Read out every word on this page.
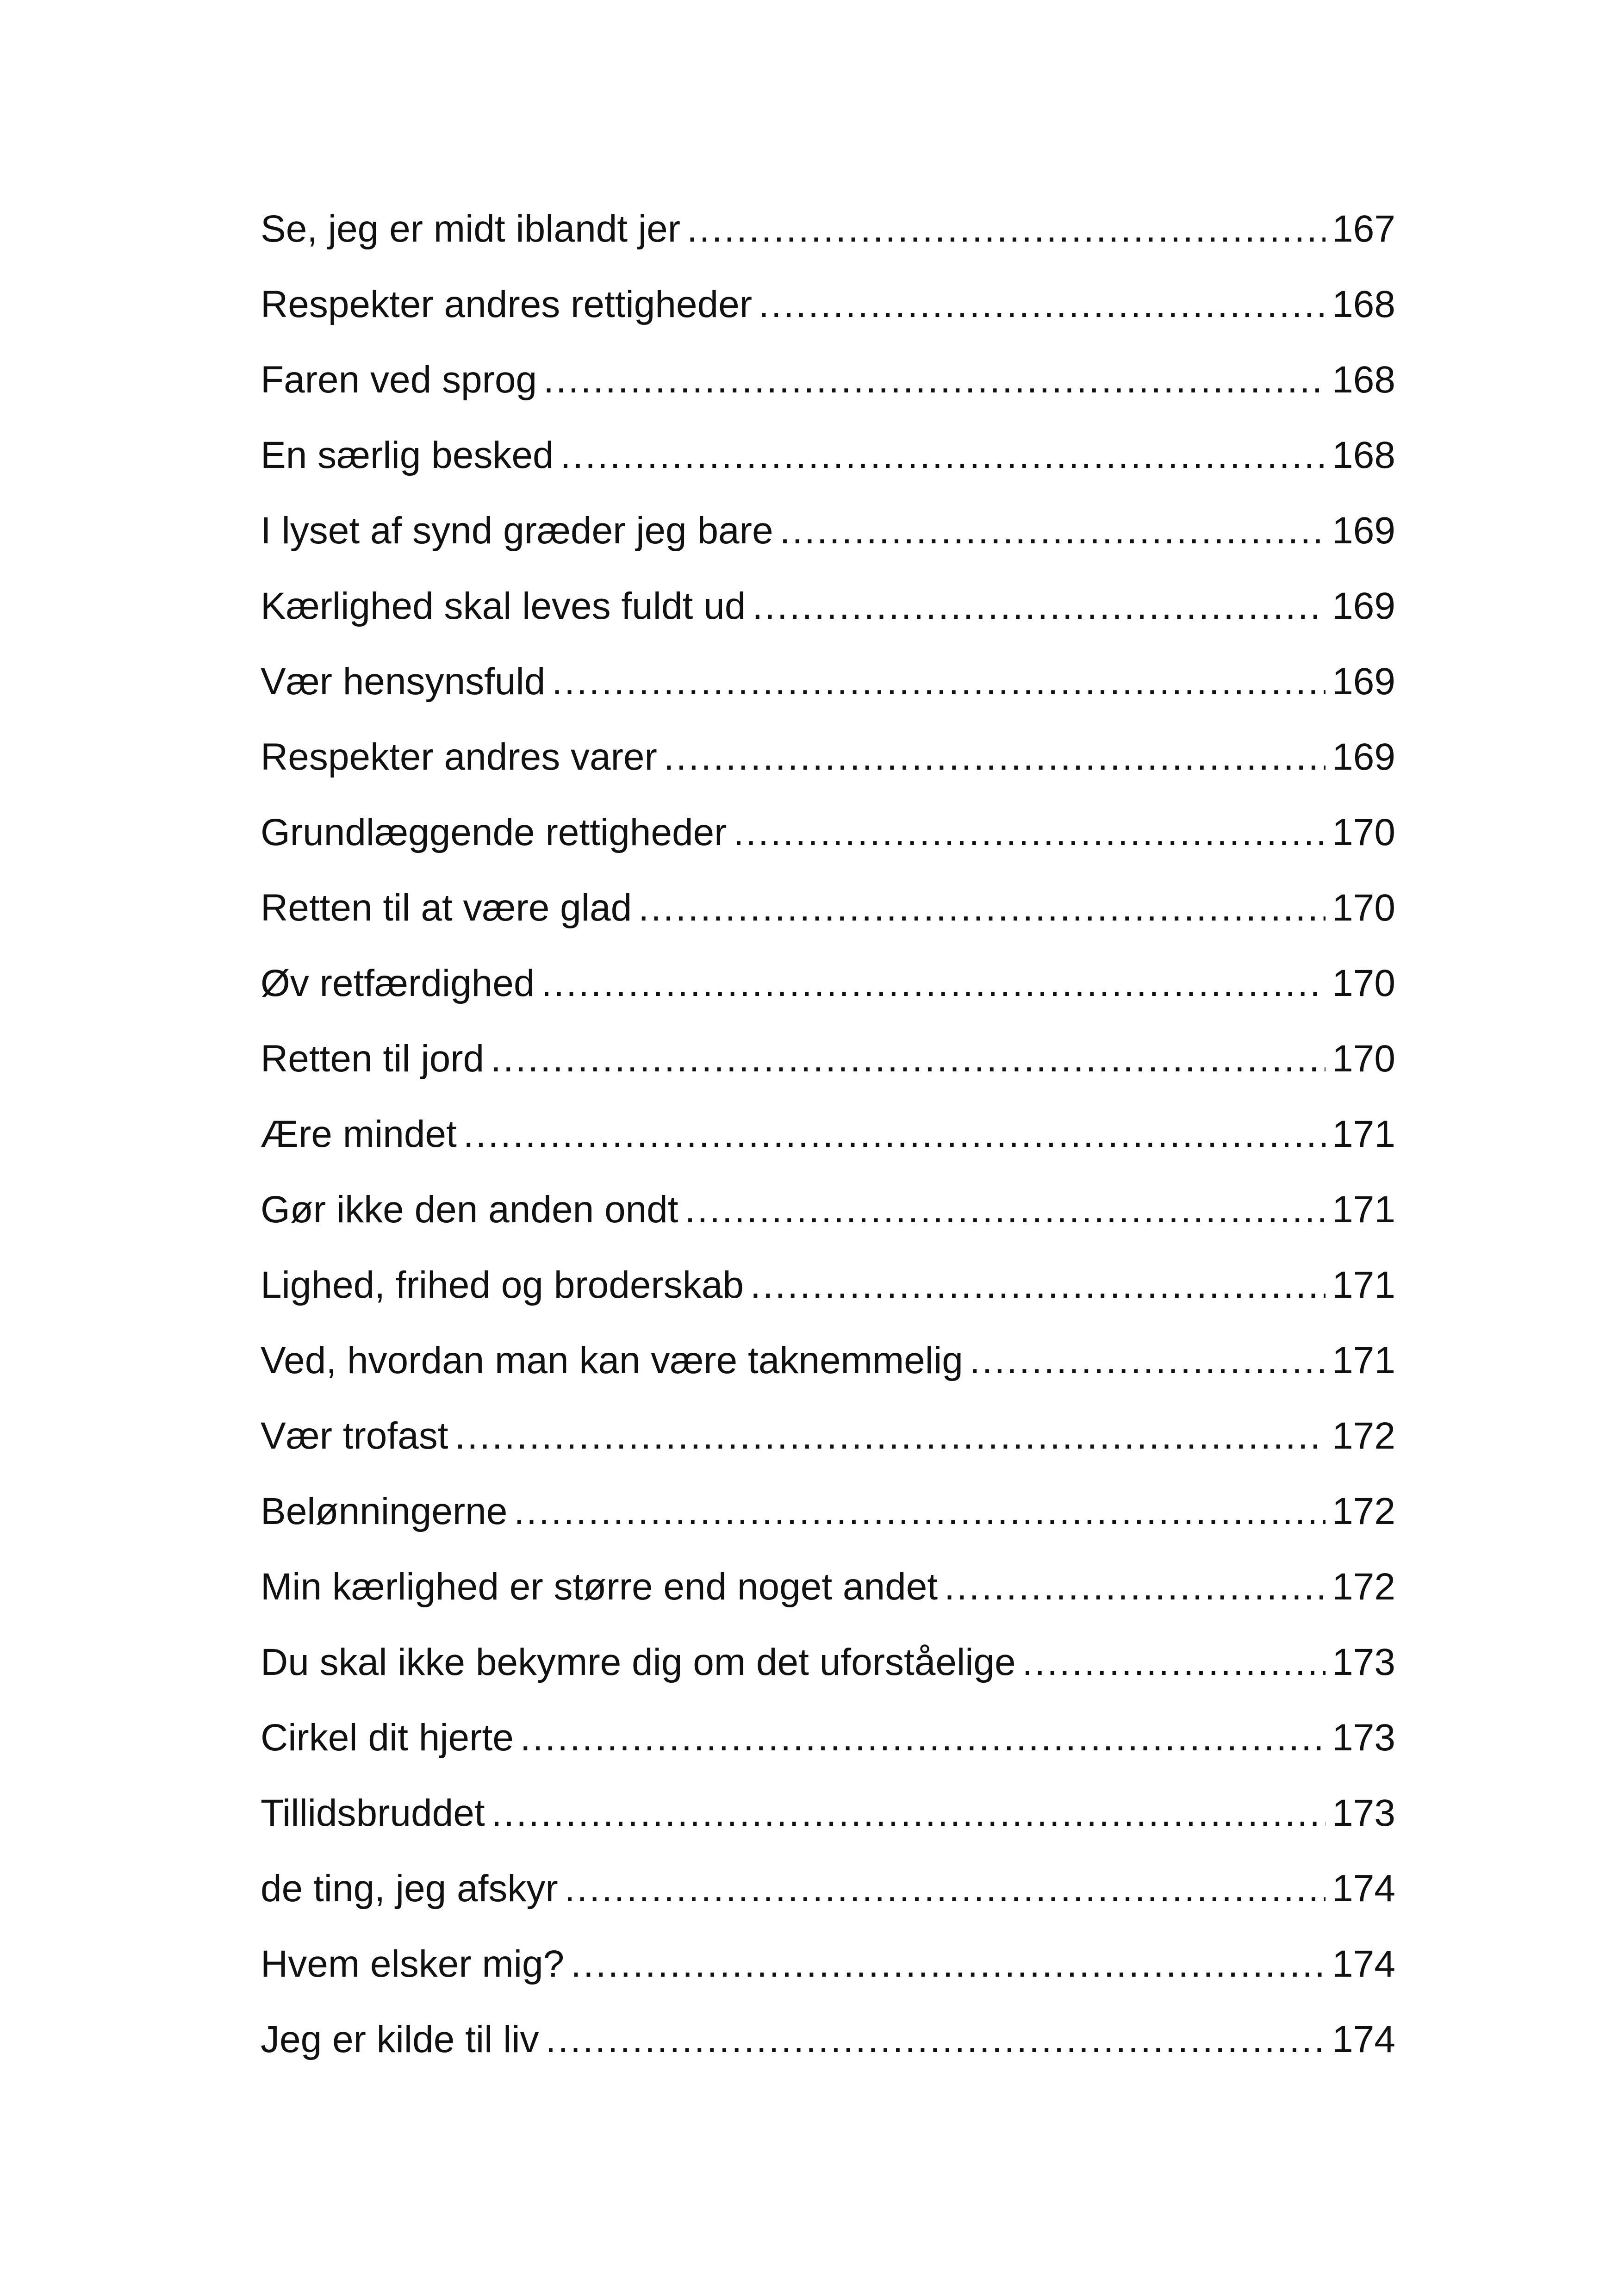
Se, jeg er midt iblandt jer .....	167
Respekter andres rettigheder .....	168
Faren ved sprog .....	168
En særlig besked .....	168
I lyset af synd græder jeg bare .....	169
Kærlighed skal leves fuldt ud .....	169
Vær hensynsfuld .....	169
Respekter andres varer .....	169
Grundlæggende rettigheder .....	170
Retten til at være glad .....	170
Øv retfærdighed .....	170
Retten til jord .....	170
Ære mindet .....	171
Gør ikke den anden ondt .....	171
Lighed, frihed og broderskab .....	171
Ved, hvordan man kan være taknemmelig .....	171
Vær trofast .....	172
Belønningerne .....	172
Min kærlighed er større end noget andet .....	172
Du skal ikke bekymre dig om det uforståelige .....	173
Cirkel dit hjerte .....	173
Tillidsbruddet .....	173
de ting, jeg afskyr .....	174
Hvem elsker mig? .....	174
Jeg er kilde til liv .....	174
